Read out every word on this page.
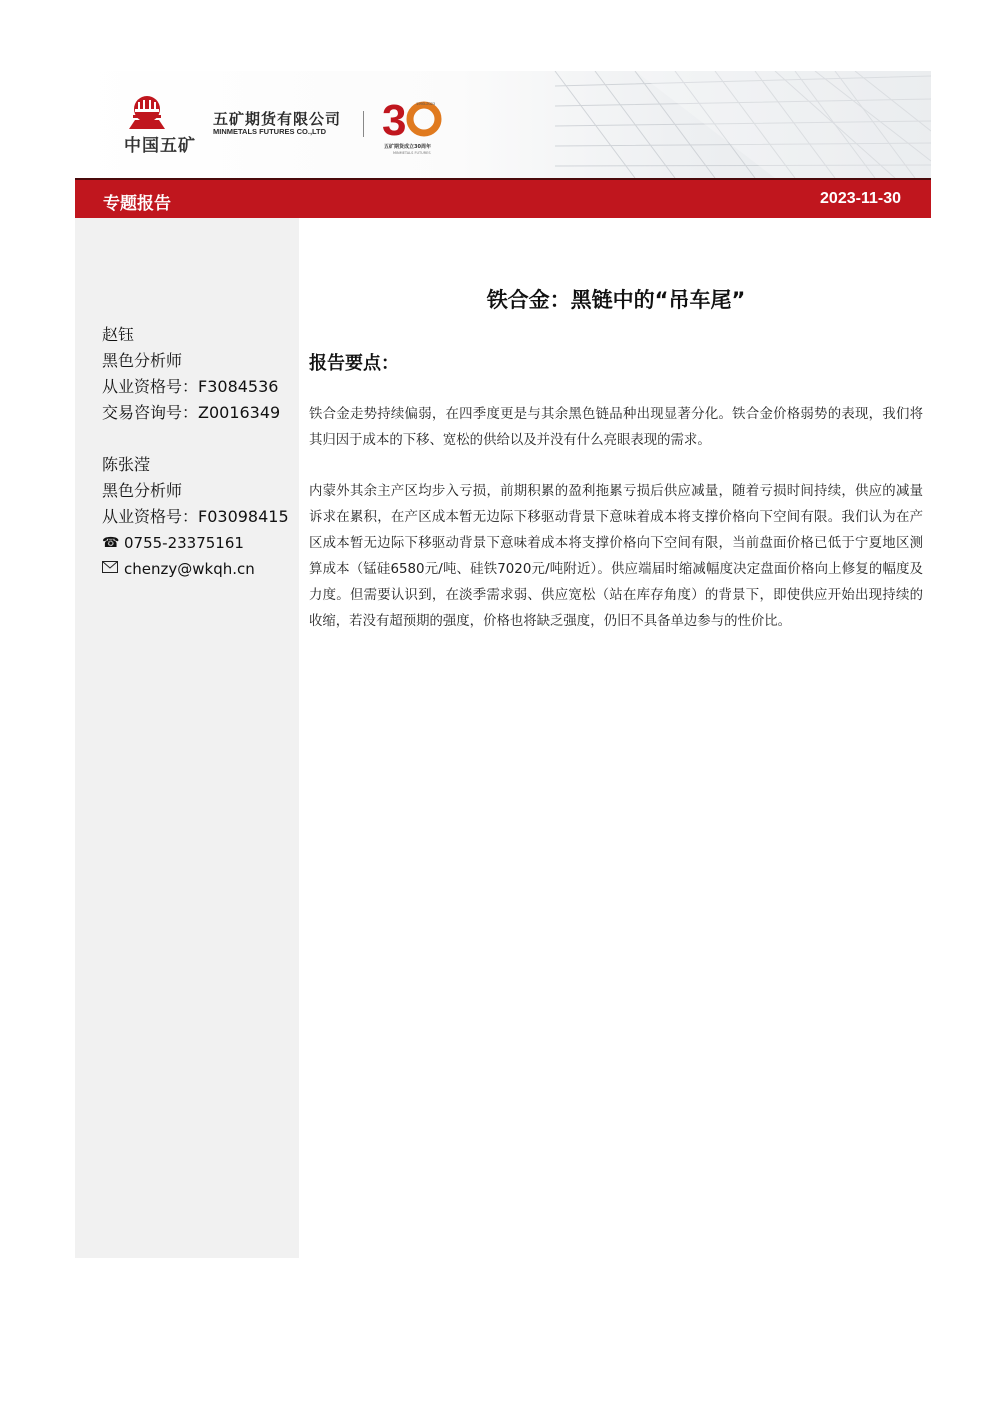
中国五矿
五矿期货有限公司
MINMETALS FUTURES CO.,LTD 3 1993-2023
五矿期货成立30周年
MINMETALS FUTURES
专题报告	2023-11-30
赵钰
黑色分析师
从业资格号：F3084536
交易咨询号：Z0016349
陈张滢
黑色分析师
从业资格号：F03098415
☎ 0755-23375161
chenzy@wkqh.cn
铁合金：黑链中的“吊车尾”
报告要点：
铁合金走势持续偏弱，在四季度更是与其余黑色链品种出现显著分化。铁合金价格弱势的表现，我们将其归因于成本的下移、宽松的供给以及并没有什么亮眼表现的需求。
内蒙外其余主产区均步入亏损，前期积累的盈利拖累亏损后供应减量，随着亏损时间持续，供应的减量诉求在累积，在产区成本暂无边际下移驱动背景下意味着成本将支撑价格向下空间有限。我们认为在产区成本暂无边际下移驱动背景下意味着成本将支撑价格向下空间有限，当前盘面价格已低于宁夏地区测算成本（锰硅6580元/吨、硅铁7020元/吨附近）。供应端届时缩减幅度决定盘面价格向上修复的幅度及力度。但需要认识到，在淡季需求弱、供应宽松（站在库存角度）的背景下，即使供应开始出现持续的收缩，若没有超预期的强度，价格也将缺乏强度，仍旧不具备单边参与的性价比。
